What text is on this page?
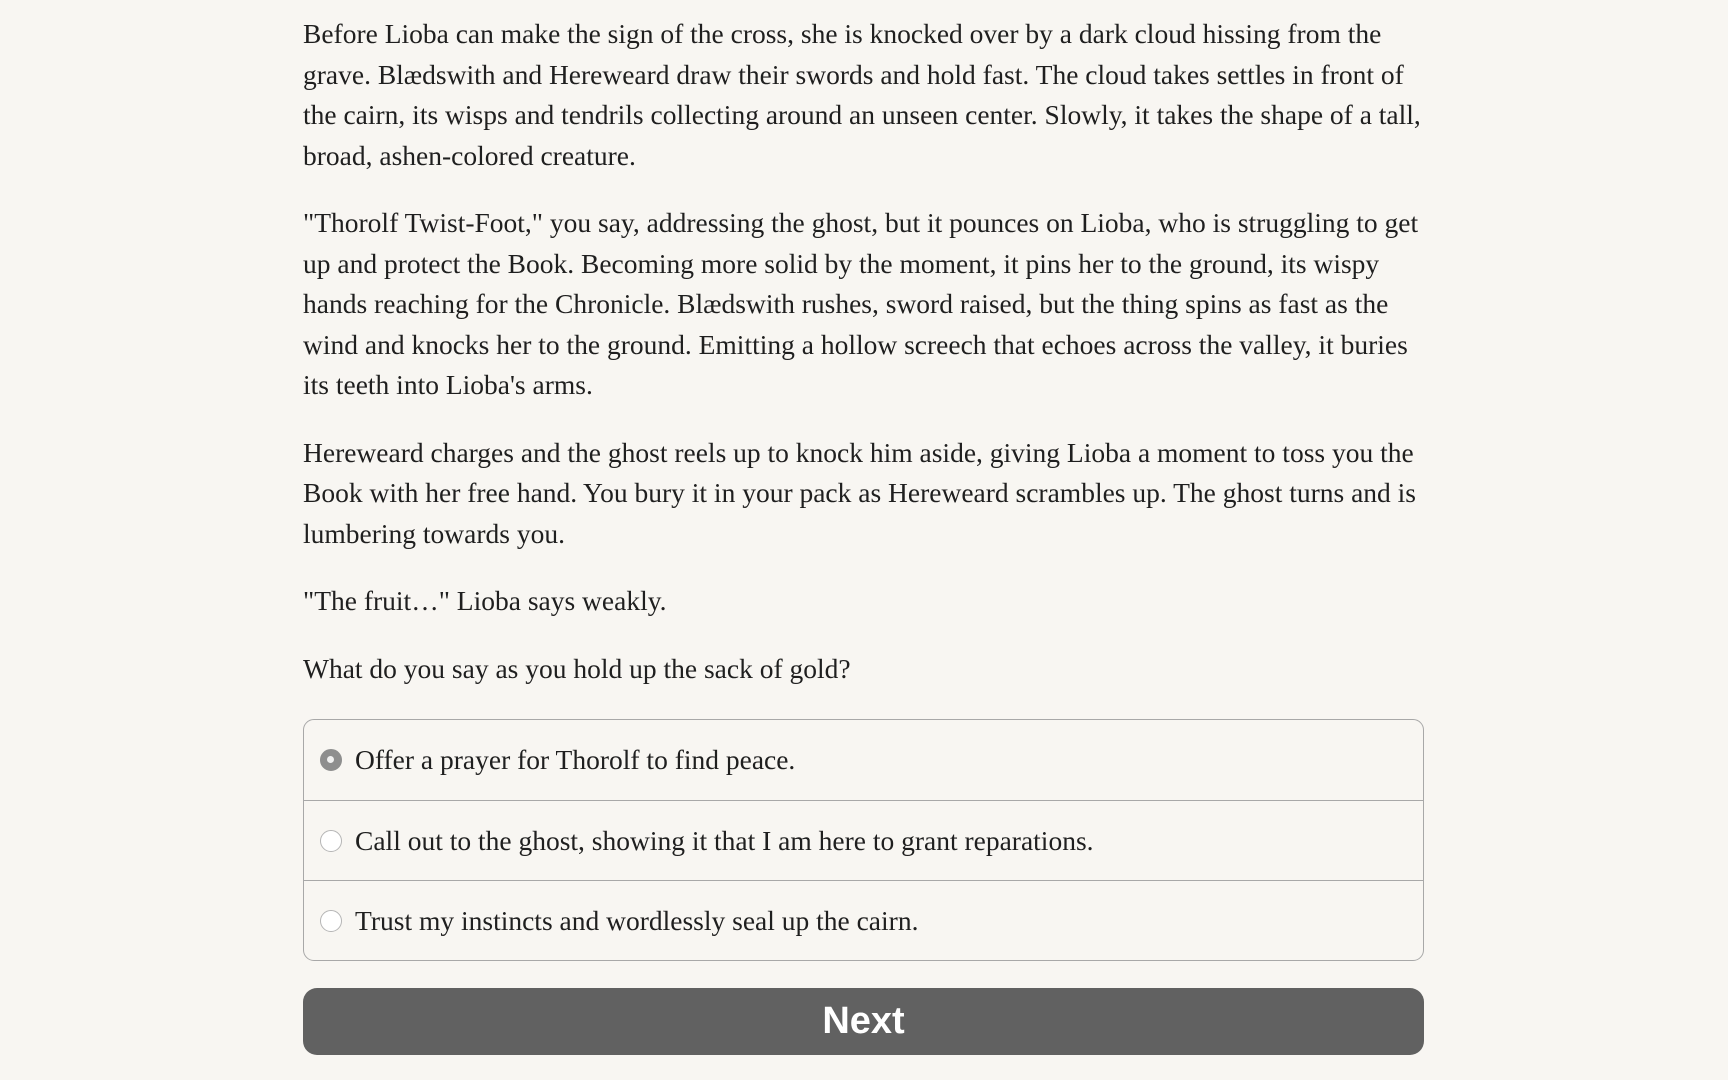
Before Lioba can make the sign of the cross, she is knocked over by a dark cloud hissing from the grave. Blædswith and Hereweard draw their swords and hold fast. The cloud takes settles in front of the cairn, its wisps and tendrils collecting around an unseen center. Slowly, it takes the shape of a tall, broad, ashen-colored creature.

"Thorolf Twist-Foot," you say, addressing the ghost, but it pounces on Lioba, who is struggling to get up and protect the Book. Becoming more solid by the moment, it pins her to the ground, its wispy hands reaching for the Chronicle. Blædswith rushes, sword raised, but the thing spins as fast as the wind and knocks her to the ground. Emitting a hollow screech that echoes across the valley, it buries its teeth into Lioba's arms.

Hereweard charges and the ghost reels up to knock him aside, giving Lioba a moment to toss you the Book with her free hand. You bury it in your pack as Hereweard scrambles up. The ghost turns and is lumbering towards you.

"The fruit…" Lioba says weakly.

What do you say as you hold up the sack of gold?

Offer a prayer for Thorolf to find peace.
Call out to the ghost, showing it that I am here to grant reparations.
Trust my instincts and wordlessly seal up the cairn.
Next
